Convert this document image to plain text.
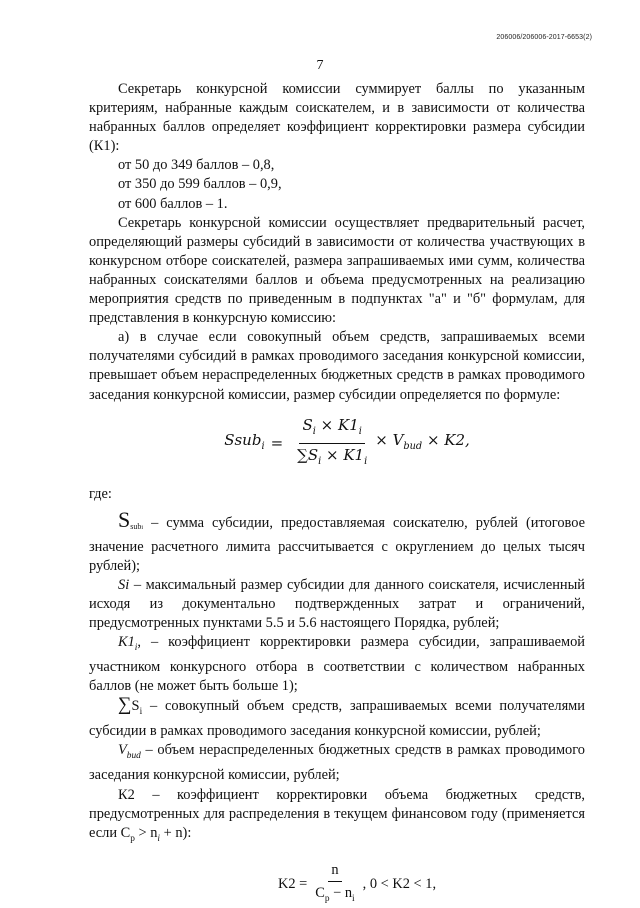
206006/206006-2017-6653(2)
7

Секретарь конкурсной комиссии суммирует баллы по указанным критериям, набранные каждым соискателем, и в зависимости от количества набранных баллов определяет коэффициент корректировки размера субсидии (К1):

от 50 до 349 баллов – 0,8,
от 350 до 599 баллов – 0,9,
от 600 баллов – 1.

Секретарь конкурсной комиссии осуществляет предварительный расчет, определяющий размеры субсидий в зависимости от количества участвующих в конкурсном отборе соискателей, размера запрашиваемых ими сумм, количества набранных соискателями баллов и объема предусмотренных на реализацию мероприятия средств по приведенным в подпунктах "а" и "б" формулам, для представления в конкурсную комиссию:

а) в случае если совокупный объем средств, запрашиваемых всеми получателями субсидий в рамках проводимого заседания конкурсной комиссии, превышает объем нераспределенных бюджетных средств в рамках проводимого заседания конкурсной комиссии, размер субсидии определяется по формуле:

Ssub$_i$ = $\frac{S_i \times K1_i}{\sum S_i \times K1_i} \times V_{bud} \times K2$,

где:

Ssubi – сумма субсидии, предоставляемая соискателю, рублей (итоговое значение расчетного лимита рассчитывается с округлением до целых тысяч рублей);

Si – максимальный размер субсидии для данного соискателя, исчисленный исходя из документально подтвержденных затрат и ограничений, предусмотренных пунктами 5.5 и 5.6 настоящего Порядка, рублей;

$K1_i$, – коэффициент корректировки размера субсидии, запрашиваемой участником конкурсного отбора в соответствии с количеством набранных баллов (не может быть больше 1);

$\sum S_i$ – совокупный объем средств, запрашиваемых всеми получателями субсидии в рамках проводимого заседания конкурсной комиссии, рублей;

$V_{bud}$ – объем нераспределенных бюджетных средств в рамках проводимого заседания конкурсной комиссии, рублей;

К2 – коэффициент корректировки объема бюджетных средств, предусмотренных для распределения в текущем финансовом году (применяется если $С_р > n_i + n$):

$K2 = \frac{n}{C_p - n_i}$ , 0 < K2 < 1,
